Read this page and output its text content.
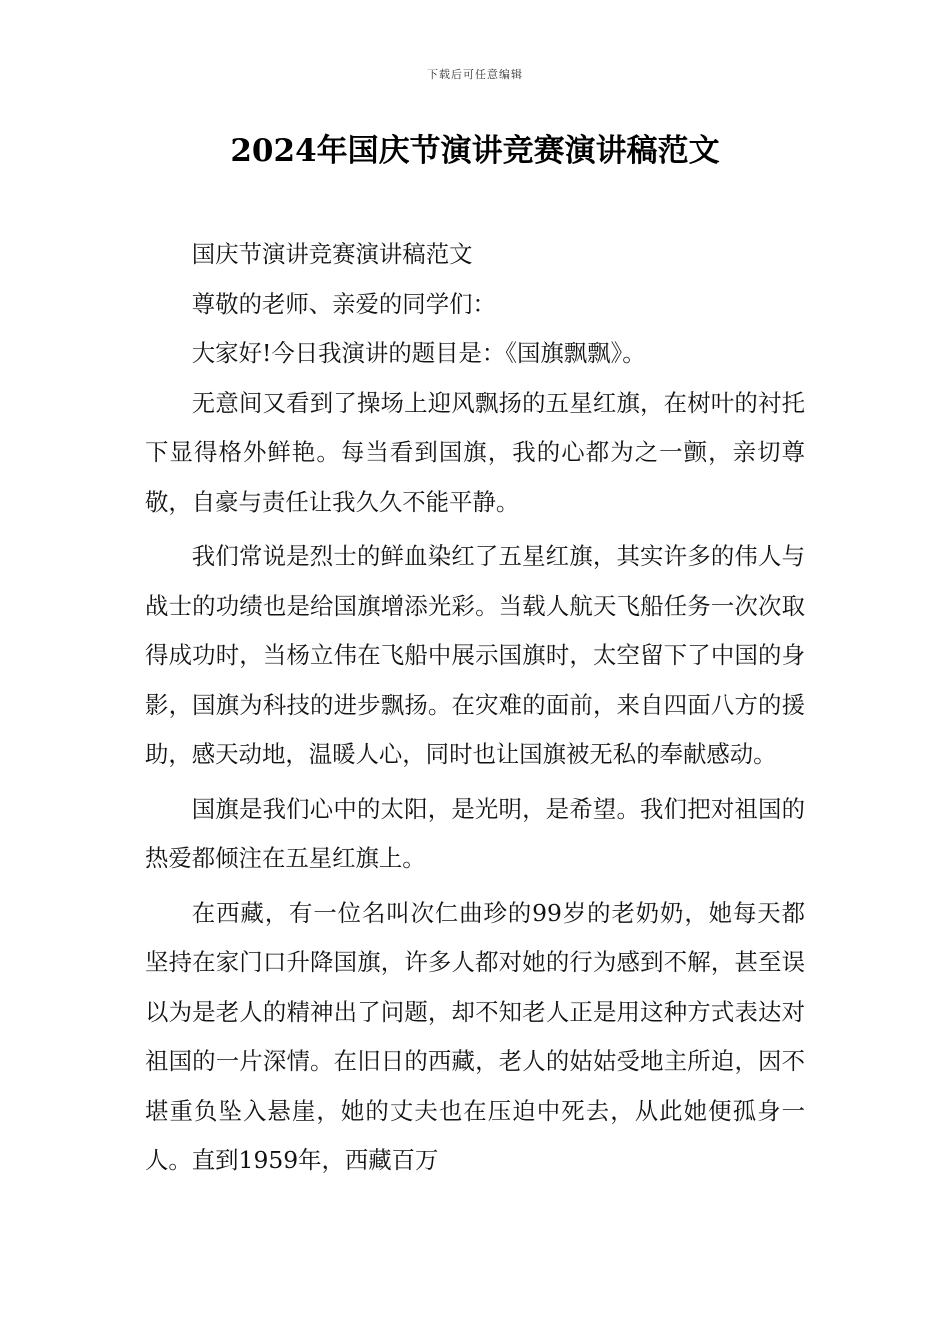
下载后可任意编辑
2024年国庆节演讲竞赛演讲稿范文

国庆节演讲竞赛演讲稿范文

尊敬的老师、亲爱的同学们：

大家好!今日我演讲的题目是：《国旗飘飘》。

无意间又看到了操场上迎风飘扬的五星红旗，在树叶的衬托下显得格外鲜艳。每当看到国旗，我的心都为之一颤，亲切尊敬，自豪与责任让我久久不能平静。

我们常说是烈士的鲜血染红了五星红旗，其实许多的伟人与战士的功绩也是给国旗增添光彩。当载人航天飞船任务一次次取得成功时，当杨立伟在飞船中展示国旗时，太空留下了中国的身影，国旗为科技的进步飘扬。在灾难的面前，来自四面八方的援助，感天动地，温暖人心，同时也让国旗被无私的奉献感动。

国旗是我们心中的太阳，是光明，是希望。我们把对祖国的热爱都倾注在五星红旗上。

在西藏，有一位名叫次仁曲珍的99岁的老奶奶，她每天都坚持在家门口升降国旗，许多人都对她的行为感到不解，甚至误以为是老人的精神出了问题，却不知老人正是用这种方式表达对祖国的一片深情。在旧日的西藏，老人的姑姑受地主所迫，因不堪重负坠入悬崖，她的丈夫也在压迫中死去，从此她便孤身一人。直到1959年，西藏百万
